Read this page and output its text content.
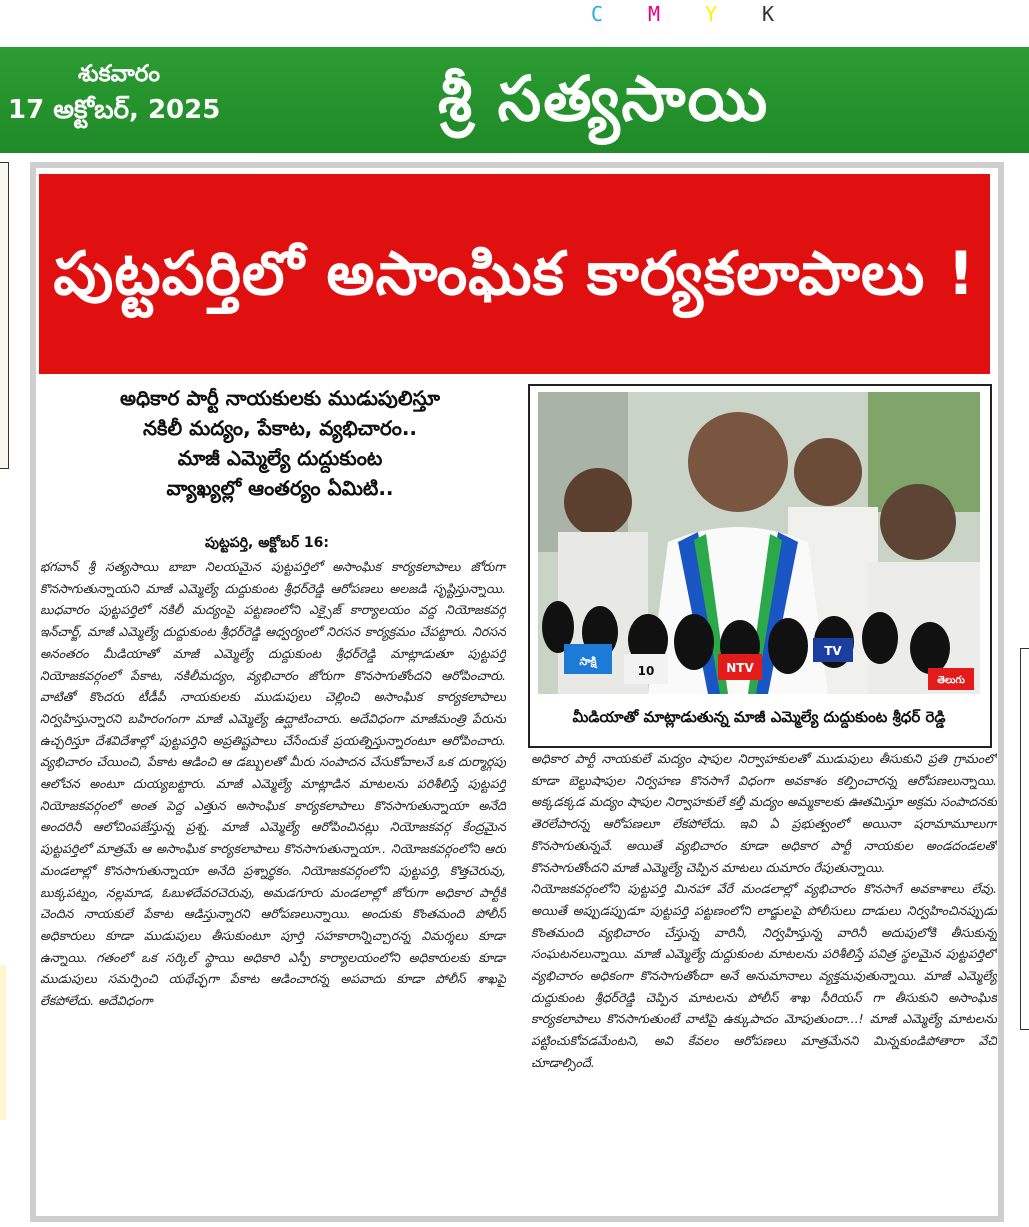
C M Y K
శుకవారం
17 అక్టోబర్, 2025	శ్రీ సత్యసాయి
పుట్టపర్తిలో అసాంఘిక కార్యకలాపాలు !
అధికార పార్టీ నాయకులకు ముడుపులిస్తూ
నకిలీ మద్యం, పేకాట, వ్యభిచారం..
మాజీ ఎమ్మెల్యే దుద్దుకుంట
వ్యాఖ్యల్లో ఆంతర్యం ఏమిటి..
పుట్టపర్తి, అక్టోబర్ 16:

భగవాన్ శ్రీ సత్యసాయి బాబా నిలయమైన పుట్టపర్తిలో అసాంఘిక కార్యకలాపాలు జోరుగా కొనసాగుతున్నాయని మాజీ ఎమ్మెల్యే దుద్దుకుంట శ్రీధర్‌రెడ్డి ఆరోపణలు అలజడి సృష్టిస్తున్నాయి. బుధవారం పుట్టపర్తిలో నకిలీ మద్యంపై పట్టణంలోని ఎక్సైజ్ కార్యాలయం వద్ద నియోజకవర్గ ఇన్‌చార్జ్, మాజీ ఎమ్మెల్యే దుద్దుకుంట శ్రీధర్‌రెడ్డి ఆధ్వర్యంలో నిరసన కార్యక్రమం చేపట్టారు. నిరసన అనంతరం మీడియాతో మాజీ ఎమ్మెల్యే దుద్దుకుంట శ్రీధర్‌రెడ్డి మాట్లాడుతూ పుట్టపర్తి నియోజకవర్గంలో పేకాట, నకిలీమద్యం, వ్యభిచారం జోరుగా కొనసాగుతోందని ఆరోపించారు. వాటితో కొందరు టీడీపీ నాయకులకు ముడుపులు చెల్లించి అసాంఘిక కార్యకలాపాలు నిర్వహిస్తున్నారని బహిరంగంగా మాజీ ఎమ్మెల్యే ఉద్ఘాటించారు. అదేవిధంగా మాజీమంత్రి పేరును ఉచ్చరిస్తూ దేశవిదేశాల్లో పుట్టపర్తిని అప్రతిష్టపాలు చేసేందుకే ప్రయత్నిస్తున్నారంటూ ఆరోపించారు. వ్యభిచారం చేయించి, పేకాట ఆడించి ఆ డబ్బులతో మీరు సంపాదన చేసుకోవాలనే ఒక దుర్మార్గపు ఆలోచన అంటూ దుయ్యబట్టారు. మాజీ ఎమ్మెల్యే మాట్లాడిన మాటలను పరిశీలిస్తే పుట్టపర్తి నియోజకవర్గంలో అంత పెద్ద ఎత్తున అసాంఘిక కార్యకలాపాలు కొనసాగుతున్నాయా అనేది అందరినీ ఆలోచింపజేస్తున్న ప్రశ్న. మాజీ ఎమ్మెల్యే ఆరోపించినట్లు నియోజకవర్గ కేంద్రమైన పుట్టపర్తిలో మాత్రమే ఆ అసాంఘిక కార్యకలాపాలు కొనసాగుతున్నాయా.. నియోజకవర్గంలోని ఆరు మండలాల్లో కొనసాగుతున్నాయా అనేది ప్రశ్నార్థకం. నియోజకవర్గంలోని పుట్టపర్తి, కొత్తచెరువు, బుక్కపట్నం, నల్లమాడ, ఓబుళదేవరచెరువు, అమడగూరు మండలాల్లో జోరుగా అధికార పార్టీకి చెందిన నాయకులే పేకాట ఆడిస్తున్నారని ఆరోపణలున్నాయి. అందుకు కొంతమంది పోలీస్ అధికారులు కూడా ముడుపులు తీసుకుంటూ పూర్తి సహకారాన్నిచ్చారన్న విమర్శలు కూడా ఉన్నాయి. గతంలో ఒక సర్కిల్ స్థాయి అధికారి ఎస్పీ కార్యాలయంలోని అధికారులకు కూడా ముడుపులు సమర్పించి యథేచ్ఛగా పేకాట ఆడించారన్న అపవాదు కూడా పోలీస్ శాఖపై లేకపోలేదు. అదేవిధంగా

సాక్షి
10	NTV
TV
తెలుగు
మీడియాతో మాట్లాడుతున్న మాజీ ఎమ్మెల్యే దుద్దుకుంట శ్రీధర్ రెడ్డి

అధికార పార్టీ నాయకులే మద్యం షాపుల నిర్వాహకులతో ముడుపులు తీసుకుని ప్రతి గ్రామంలో కూడా బెల్టుషాపుల నిర్వహణ కొనసాగే విధంగా అవకాశం కల్పించారన్న ఆరోపణలున్నాయి. అక్కడక్కడ మద్యం షాపుల నిర్వాహకులే కల్తీ మద్యం అమ్మకాలకు ఊతమిస్తూ అక్రమ సంపాదనకు తెరలేపారన్న ఆరోపణలూ లేకపోలేదు. ఇవి ఏ ప్రభుత్వంలో అయినా షరామామూలుగా కొనసాగుతున్నవే. అయితే వ్యభిచారం కూడా అధికార పార్టీ నాయకుల అండదండలతో కొనసాగుతోందని మాజీ ఎమ్మెల్యే చెప్పిన మాటలు దుమారం రేపుతున్నాయి.

నియోజకవర్గంలోని పుట్టపర్తి మినహా వేరే మండలాల్లో వ్యభిచారం కొనసాగే అవకాశాలు లేవు. అయితే అప్పుడప్పుడూ పుట్టపర్తి పట్టణంలోని లాడ్జులపై పోలీసులు దాడులు నిర్వహించినప్పుడు కొంతమంది వ్యభిచారం చేస్తున్న వారినీ, నిర్వహిస్తున్న వారినీ అదుపులోకి తీసుకున్న సంఘటనలున్నాయి. మాజీ ఎమ్మెల్యే దుద్దుకుంట మాటలను పరిశీలిస్తే పవిత్ర స్థలమైన పుట్టపర్తిలో వ్యభిచారం అధికంగా కొనసాగుతోందా అనే అనుమానాలు వ్యక్తమవుతున్నాయి. మాజీ ఎమ్మెల్యే దుద్దుకుంట శ్రీధర్‌రెడ్డి చెప్పిన మాటలను పోలీస్ శాఖ సీరియస్ గా తీసుకుని అసాంఘిక కార్యకలాపాలు కొనసాగుతుంటే వాటిపై ఉక్కుపాదం మోపుతుందా...! మాజీ ఎమ్మెల్యే మాటలను పట్టించుకోవడమేంటని, అవి కేవలం ఆరోపణలు మాత్రమేనని మిన్నకుండిపోతారా వేచి చూడాల్సిందే.
